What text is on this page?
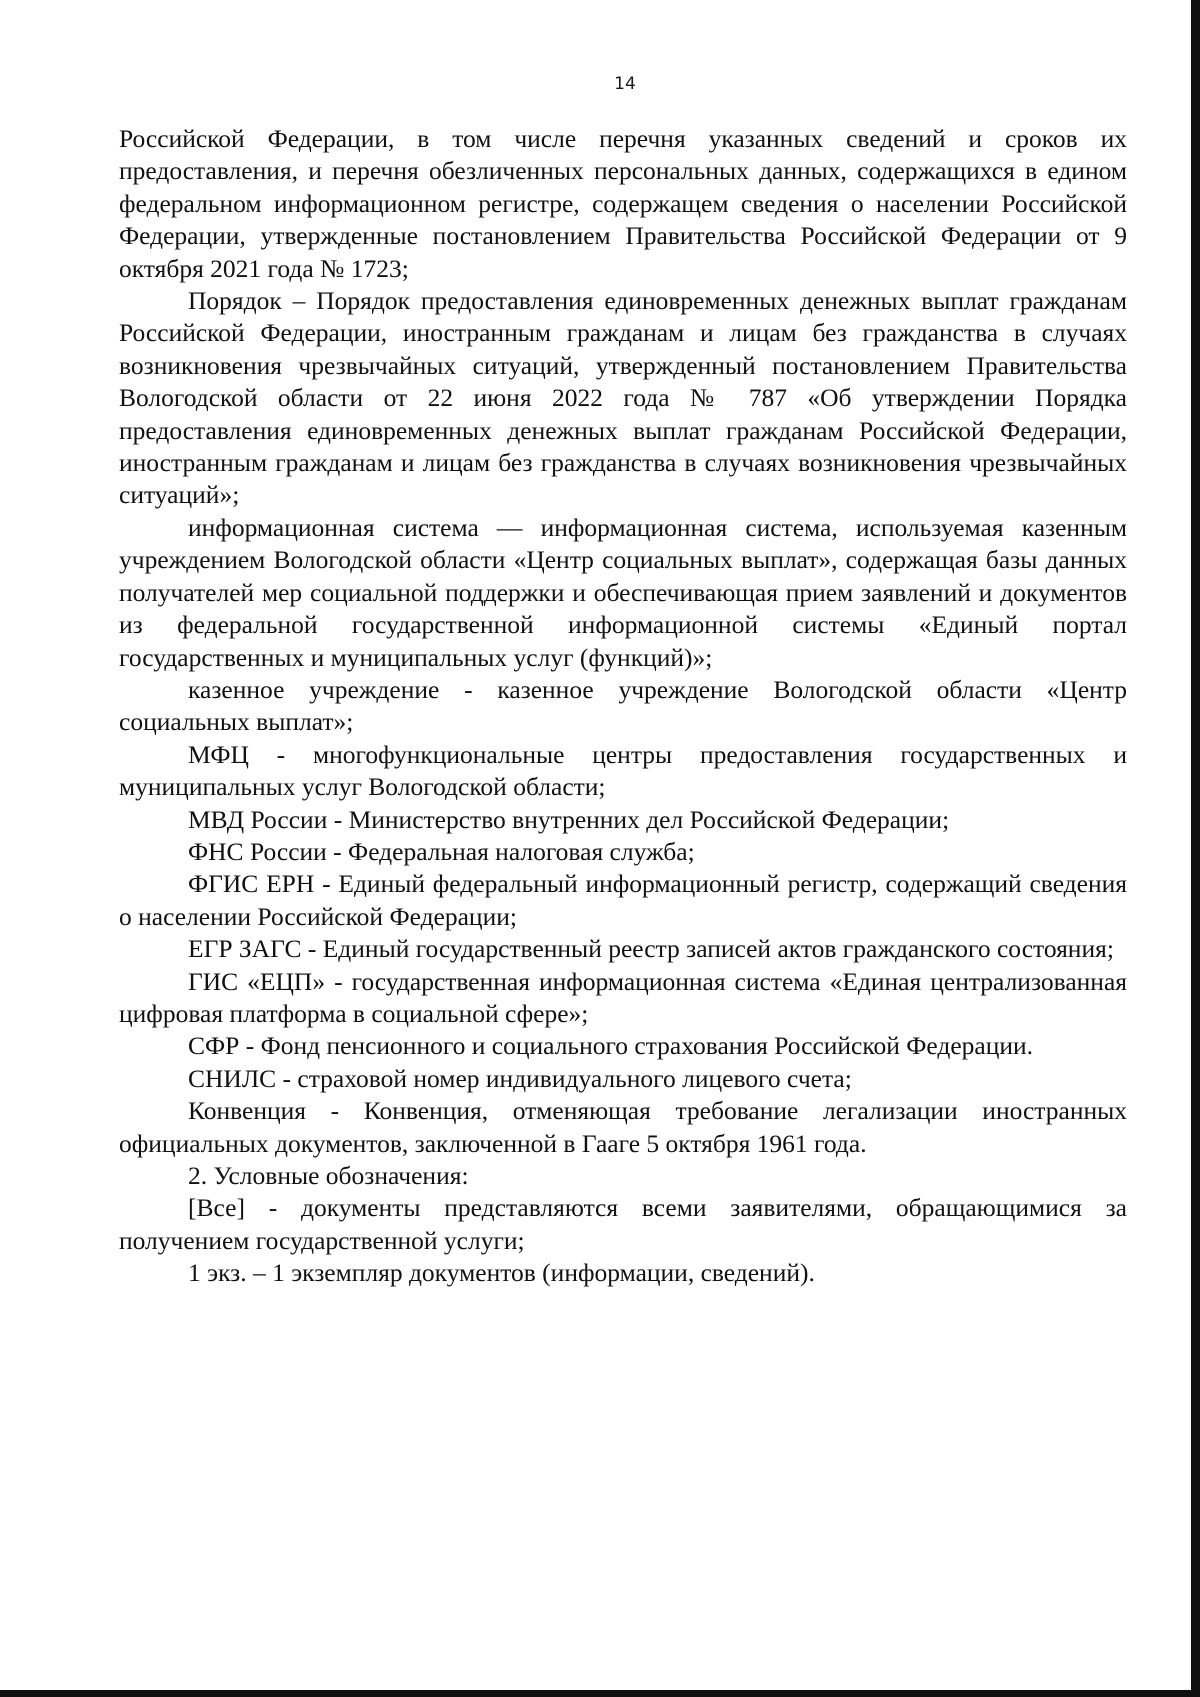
14

Российской Федерации, в том числе перечня указанных сведений и сроков их предоставления, и перечня обезличенных персональных данных, содержащихся в едином федеральном информационном регистре, содержащем сведения о населении Российской Федерации, утвержденные постановлением Правительства Российской Федерации от 9 октября 2021 года № 1723;

Порядок – Порядок предоставления единовременных денежных выплат гражданам Российской Федерации, иностранным гражданам и лицам без гражданства в случаях возникновения чрезвычайных ситуаций, утвержденный постановлением Правительства Вологодской области от 22 июня 2022 года № 787 «Об утверждении Порядка предоставления единовременных денежных выплат гражданам Российской Федерации, иностранным гражданам и лицам без гражданства в случаях возникновения чрезвычайных ситуаций»;

информационная система — информационная система, используемая казенным учреждением Вологодской области «Центр социальных выплат», содержащая базы данных получателей мер социальной поддержки и обеспечивающая прием заявлений и документов из федеральной государственной информационной системы «Единый портал государственных и муниципальных услуг (функций)»;

казенное учреждение - казенное учреждение Вологодской области «Центр социальных выплат»;

МФЦ - многофункциональные центры предоставления государственных и муниципальных услуг Вологодской области;

МВД России - Министерство внутренних дел Российской Федерации;

ФНС России - Федеральная налоговая служба;

ФГИС ЕРН - Единый федеральный информационный регистр, содержащий сведения о населении Российской Федерации;

ЕГР ЗАГС - Единый государственный реестр записей актов гражданского состояния;

ГИС «ЕЦП» - государственная информационная система «Единая централизованная цифровая платформа в социальной сфере»;

СФР - Фонд пенсионного и социального страхования Российской Федерации.

СНИЛС - страховой номер индивидуального лицевого счета;

Конвенция - Конвенция, отменяющая требование легализации иностранных официальных документов, заключенной в Гааге 5 октября 1961 года.

2. Условные обозначения:

[Все] - документы представляются всеми заявителями, обращающимися за получением государственной услуги;

1 экз. – 1 экземпляр документов (информации, сведений).
